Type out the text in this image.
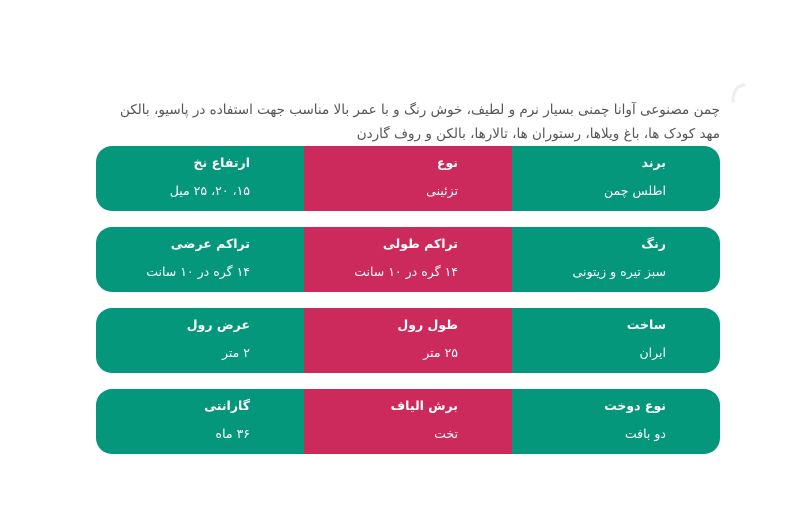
چمن مصنوعی آوانا چمنی بسیار نرم و لطیف، خوش رنگ و با عمر بالا مناسب جهت استفاده در پاسیو، بالکن مهد کودک ها، باغ ویلاها، رستوران ها، تالارها، بالکن و روف گاردن

برند
اطلس چمن
نوع
تزئینی
ارتفاع نخ
۱۵، ۲۰، ۲۵ میل
رنگ
سبز تیره و زیتونی
تراکم طولی
۱۴ گره در ۱۰ سانت
تراکم عرضی
۱۴ گره در ۱۰ سانت
ساخت
ایران
طول رول
۲۵ متر
عرض رول
۲ متر
نوع دوخت
دو بافت
برش الیاف
تخت
گارانتی
۳۶ ماه
